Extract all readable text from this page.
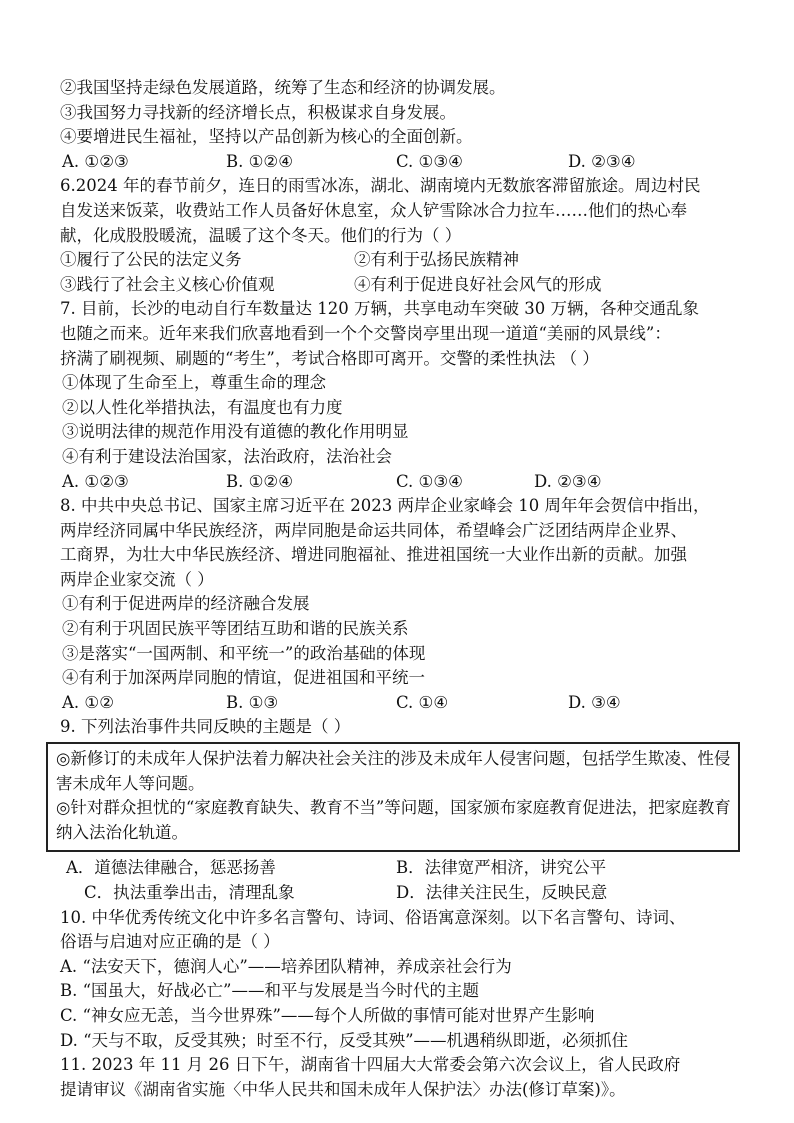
②我国坚持走绿色发展道路，统筹了生态和经济的协调发展。
③我国努力寻找新的经济增长点，积极谋求自身发展。
④要增进民生福祉，坚持以产品创新为核心的全面创新。
A. ①②③	B. ①②④	C. ①③④	D. ②③④
6.2024 年的春节前夕，连日的雨雪冰冻，湖北、湖南境内无数旅客滞留旅途。周边村民
自发送来饭菜，收费站工作人员备好休息室，众人铲雪除冰合力拉车……他们的热心奉
献，化成股股暖流，温暖了这个冬天。他们的行为（ ）
①履行了公民的法定义务	②有利于弘扬民族精神
③践行了社会主义核心价值观	④有利于促进良好社会风气的形成
7. 目前，长沙的电动自行车数量达 120 万辆，共享电动车突破 30 万辆，各种交通乱象
也随之而来。近年来我们欣喜地看到一个个交警岗亭里出现一道道“美丽的风景线”：
挤满了刷视频、刷题的“考生”，考试合格即可离开。交警的柔性执法 （ ）
①体现了生命至上，尊重生命的理念
②以人性化举措执法，有温度也有力度
③说明法律的规范作用没有道德的教化作用明显
④有利于建设法治国家，法治政府，法治社会
A. ①②③	B. ①②④	C. ①③④	D. ②③④
8. 中共中央总书记、国家主席习近平在 2023 两岸企业家峰会 10 周年年会贺信中指出，
两岸经济同属中华民族经济，两岸同胞是命运共同体，希望峰会广泛团结两岸企业界、
工商界，为壮大中华民族经济、增进同胞福祉、推进祖国统一大业作出新的贡献。加强
两岸企业家交流（ ）
①有利于促进两岸的经济融合发展
②有利于巩固民族平等团结互助和谐的民族关系
③是落实“一国两制、和平统一”的政治基础的体现
④有利于加深两岸同胞的情谊，促进祖国和平统一
A. ①②	B. ①③	C. ①④	D. ③④
9. 下列法治事件共同反映的主题是（ ）
◎新修订的未成年人保护法着力解决社会关注的涉及未成年人侵害问题，包括学生欺凌、性侵害未成年人等问题。
◎针对群众担忧的“家庭教育缺失、教育不当”等问题，国家颁布家庭教育促进法，把家庭教育纳入法治化轨道。
A．道德法律融合，惩恶扬善	B．法律宽严相济，讲究公平
C．执法重拳出击，清理乱象	D．法律关注民生，反映民意
10. 中华优秀传统文化中许多名言警句、诗词、俗语寓意深刻。以下名言警句、诗词、
俗语与启迪对应正确的是（ ）
A. “法安天下，德润人心”——培养团队精神，养成亲社会行为
B. “国虽大，好战必亡”——和平与发展是当今时代的主题
C. “神女应无恙，当今世界殊”——每个人所做的事情可能对世界产生影响
D. “天与不取，反受其殃；时至不行，反受其殃”——机遇稍纵即逝，必须抓住
11. 2023 年 11 月 26 日下午，湖南省十四届大大常委会第六次会议上，省人民政府
提请审议《湖南省实施〈中华人民共和国未成年人保护法〉办法(修订草案)》。
